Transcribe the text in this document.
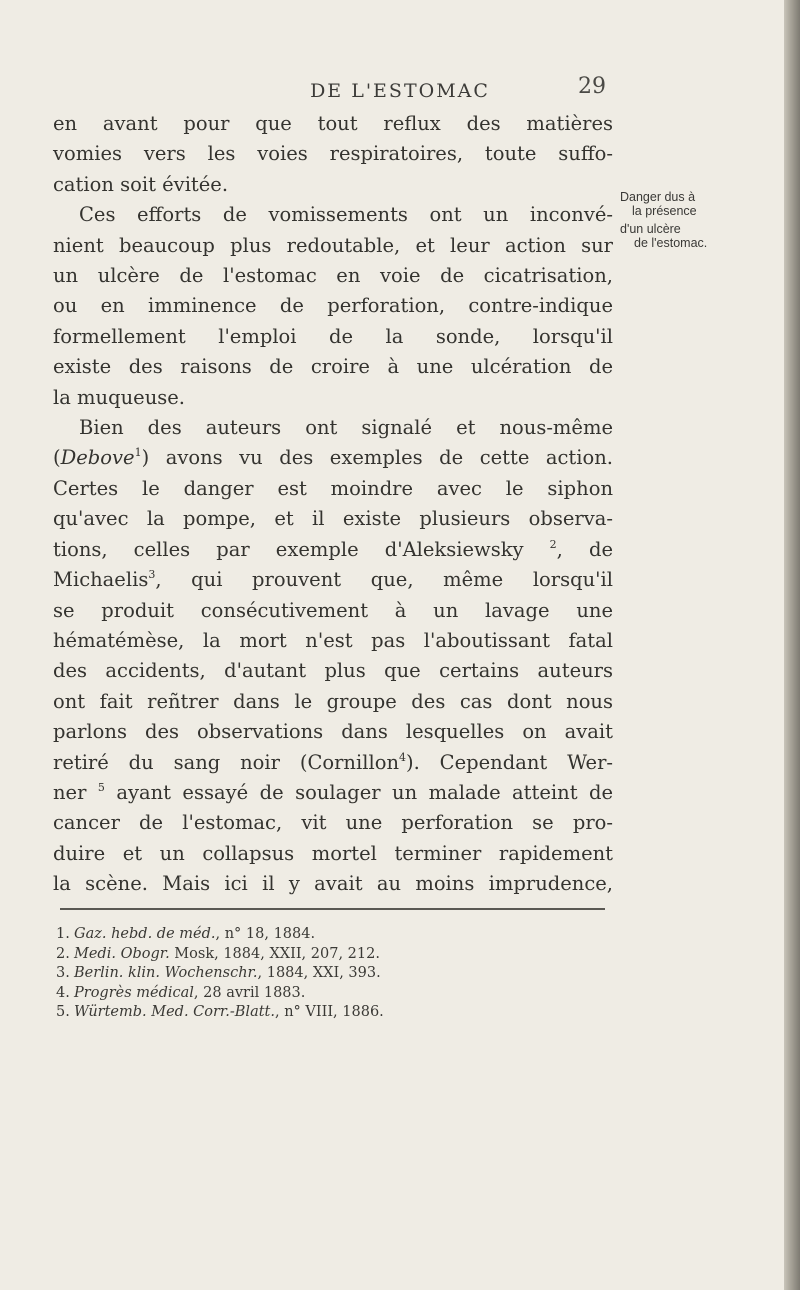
DE L'ESTOMAC	29
en avant pour que tout reflux des matières
vomies vers les voies respiratoires, toute suffo-
cation soit évitée.
Ces efforts de vomissements ont un inconvé-
nient beaucoup plus redoutable, et leur action sur
un ulcère de l'estomac en voie de cicatrisation,
ou en imminence de perforation, contre-indique
formellement l'emploi de la sonde, lorsqu'il
existe des raisons de croire à une ulcération de
la muqueuse.
Bien des auteurs ont signalé et nous-même
(Debove$^1$) avons vu des exemples de cette action.
Certes le danger est moindre avec le siphon
qu'avec la pompe, et il existe plusieurs observa-
tions, celles par exemple d'Aleksiewsky $^2$, de
Michaelis$^3$, qui prouvent que, même lorsqu'il
se produit consécutivement à un lavage une
hématémèse, la mort n'est pas l'aboutissant fatal
des accidents, d'autant plus que certains auteurs
ont fait reñtrer dans le groupe des cas dont nous
parlons des observations dans lesquelles on avait
retiré du sang noir (Cornillon$^4$). Cependant Wer-
ner $^5$ ayant essayé de soulager un malade atteint de
cancer de l'estomac, vit une perforation se pro-
duire et un collapsus mortel terminer rapidement
la scène. Mais ici il y avait au moins imprudence,
Danger dus à
la présence
d'un ulcère
de l'estomac.
1. Gaz. hebd. de méd., n° 18, 1884.
2. Medi. Obogr. Mosk, 1884, XXII, 207, 212.
3. Berlin. klin. Wochenschr., 1884, XXI, 393.
4. Progrès médical, 28 avril 1883.
5. Würtemb. Med. Corr.-Blatt., n° VIII, 1886.
